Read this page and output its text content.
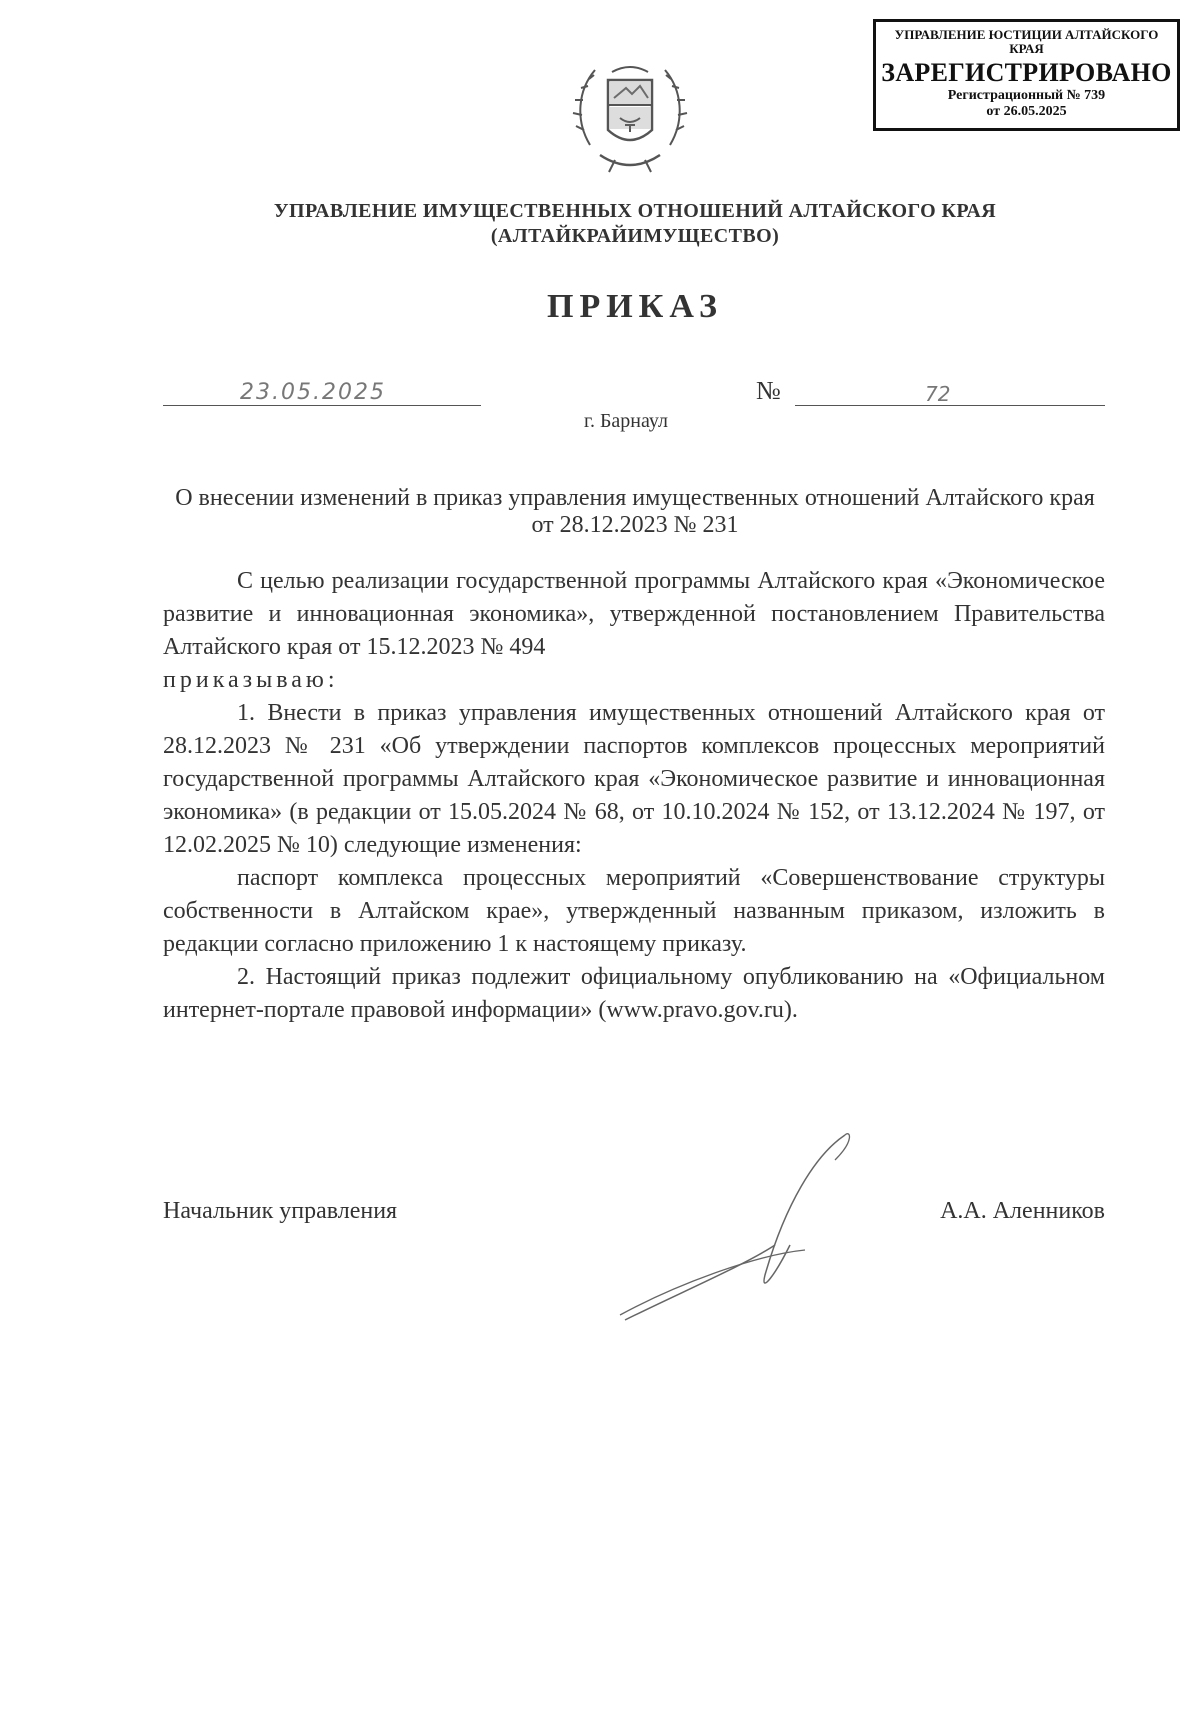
УПРАВЛЕНИЕ ЮСТИЦИИ АЛТАЙСКОГО КРАЯ
ЗАРЕГИСТРИРОВАНО
Регистрационный № 739
от 26.05.2025
УПРАВЛЕНИЕ ИМУЩЕСТВЕННЫХ ОТНОШЕНИЙ АЛТАЙСКОГО КРАЯ
(АЛТАЙКРАЙИМУЩЕСТВО)
ПРИКАЗ
23.05.2025	№	72
г. Барнаул
О внесении изменений в приказ управления имущественных отношений Алтайского края от 28.12.2023 № 231

С целью реализации государственной программы Алтайского края «Экономическое развитие и инновационная экономика», утвержденной постановлением Правительства Алтайского края от 15.12.2023 № 494

приказываю:

1. Внести в приказ управления имущественных отношений Алтайского края от 28.12.2023 № 231 «Об утверждении паспортов комплексов процессных мероприятий государственной программы Алтайского края «Экономическое развитие и инновационная экономика» (в редакции от 15.05.2024 № 68, от 10.10.2024 № 152, от 13.12.2024 № 197, от 12.02.2025 № 10) следующие изменения:

паспорт комплекса процессных мероприятий «Совершенствование структуры собственности в Алтайском крае», утвержденный названным приказом, изложить в редакции согласно приложению 1 к настоящему приказу.

2. Настоящий приказ подлежит официальному опубликованию на «Официальном интернет-портале правовой информации» (www.pravo.gov.ru).

Начальник управления	А.А. Аленников
